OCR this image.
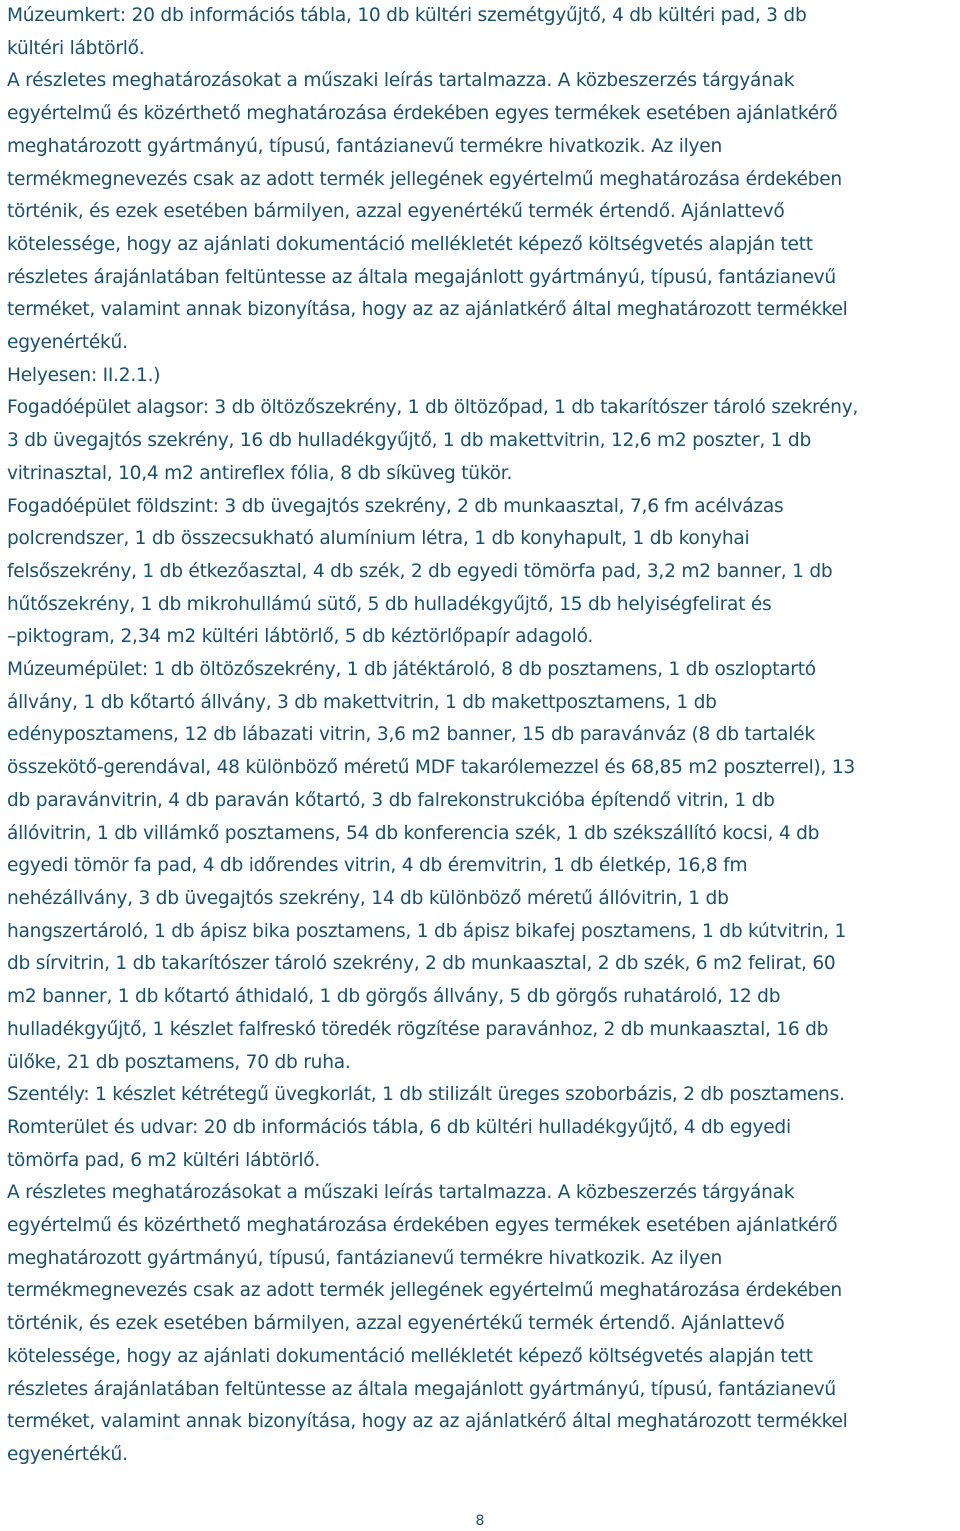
Múzeumkert: 20 db információs tábla, 10 db kültéri szemétgyűjtő, 4 db kültéri pad, 3 db
kültéri lábtörlő.
A részletes meghatározásokat a műszaki leírás tartalmazza. A közbeszerzés tárgyának
egyértelmű és közérthető meghatározása érdekében egyes termékek esetében ajánlatkérő
meghatározott gyártmányú, típusú, fantázianevű termékre hivatkozik. Az ilyen
termékmegnevezés csak az adott termék jellegének egyértelmű meghatározása érdekében
történik, és ezek esetében bármilyen, azzal egyenértékű termék értendő. Ajánlattevő
kötelessége, hogy az ajánlati dokumentáció mellékletét képező költségvetés alapján tett
részletes árajánlatában feltüntesse az általa megajánlott gyártmányú, típusú, fantázianevű
terméket, valamint annak bizonyítása, hogy az az ajánlatkérő által meghatározott termékkel
egyenértékű.
Helyesen: II.2.1.)
Fogadóépület alagsor: 3 db öltözőszekrény, 1 db öltözőpad, 1 db takarítószer tároló szekrény,
3 db üvegajtós szekrény, 16 db hulladékgyűjtő, 1 db makettvitrin, 12,6 m2 poszter, 1 db
vitrinasztal, 10,4 m2 antireflex fólia, 8 db síküveg tükör.
Fogadóépület földszint: 3 db üvegajtós szekrény, 2 db munkaasztal, 7,6 fm acélvázas
polcrendszer, 1 db összecsukható alumínium létra, 1 db konyhapult, 1 db konyhai
felsőszekrény, 1 db étkezőasztal, 4 db szék, 2 db egyedi tömörfa pad, 3,2 m2 banner, 1 db
hűtőszekrény, 1 db mikrohullámú sütő, 5 db hulladékgyűjtő, 15 db helyiségfelirat és
–piktogram, 2,34 m2 kültéri lábtörlő, 5 db kéztörlőpapír adagoló.
Múzeumépület: 1 db öltözőszekrény, 1 db játéktároló, 8 db posztamens, 1 db oszloptartó
állvány, 1 db kőtartó állvány, 3 db makettvitrin, 1 db makettposztamens, 1 db
edényposztamens, 12 db lábazati vitrin, 3,6 m2 banner, 15 db paravánváz (8 db tartalék
összekötő-gerendával, 48 különböző méretű MDF takarólemezzel és 68,85 m2 poszterrel), 13
db paravánvitrin, 4 db paraván kőtartó, 3 db falrekonstrukcióba építendő vitrin, 1 db
állóvitrin, 1 db villámkő posztamens, 54 db konferencia szék, 1 db székszállító kocsi, 4 db
egyedi tömör fa pad, 4 db időrendes vitrin, 4 db éremvitrin, 1 db életkép, 16,8 fm
nehézállvány, 3 db üvegajtós szekrény, 14 db különböző méretű állóvitrin, 1 db
hangszertároló, 1 db ápisz bika posztamens, 1 db ápisz bikafej posztamens, 1 db kútvitrin, 1
db sírvitrin, 1 db takarítószer tároló szekrény, 2 db munkaasztal, 2 db szék, 6 m2 felirat, 60
m2 banner, 1 db kőtartó áthidaló, 1 db görgős állvány, 5 db görgős ruhatároló, 12 db
hulladékgyűjtő, 1 készlet falfreskó töredék rögzítése paravánhoz, 2 db munkaasztal, 16 db
ülőke, 21 db posztamens, 70 db ruha.
Szentély: 1 készlet kétrétegű üvegkorlát, 1 db stilizált üreges szoborbázis, 2 db posztamens.
Romterület és udvar: 20 db információs tábla, 6 db kültéri hulladékgyűjtő, 4 db egyedi
tömörfa pad, 6 m2 kültéri lábtörlő.
A részletes meghatározásokat a műszaki leírás tartalmazza. A közbeszerzés tárgyának
egyértelmű és közérthető meghatározása érdekében egyes termékek esetében ajánlatkérő
meghatározott gyártmányú, típusú, fantázianevű termékre hivatkozik. Az ilyen
termékmegnevezés csak az adott termék jellegének egyértelmű meghatározása érdekében
történik, és ezek esetében bármilyen, azzal egyenértékű termék értendő. Ajánlattevő
kötelessége, hogy az ajánlati dokumentáció mellékletét képező költségvetés alapján tett
részletes árajánlatában feltüntesse az általa megajánlott gyártmányú, típusú, fantázianevű
terméket, valamint annak bizonyítása, hogy az az ajánlatkérő által meghatározott termékkel
egyenértékű.
8
